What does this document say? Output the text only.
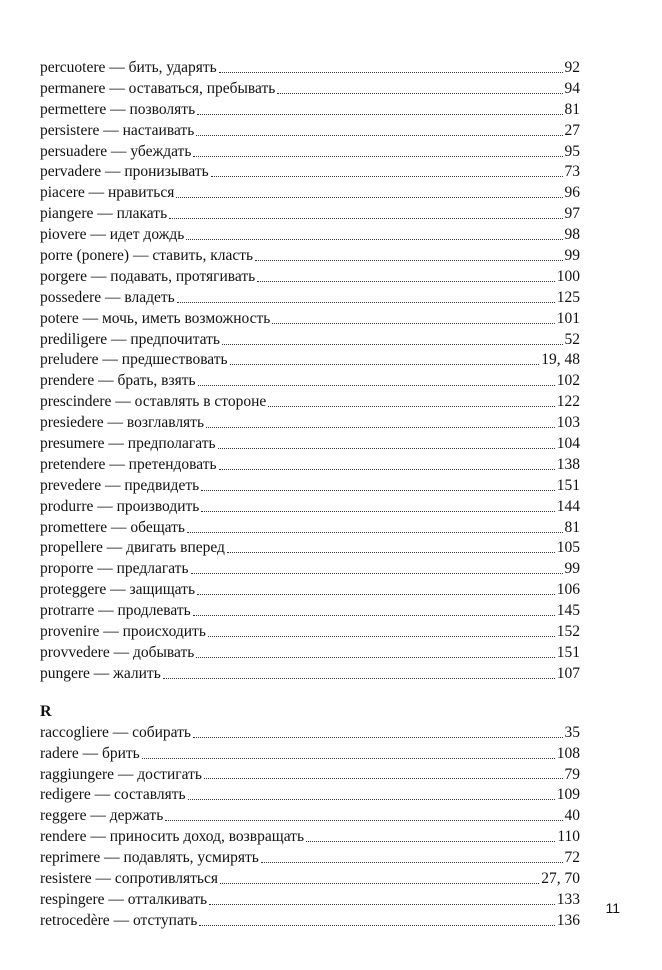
percuotere — бить, ударять	92
permanere — оставаться, пребывать	94
permettere — позволять	81
persistere — настаивать	27
persuadere — убеждать	95
pervadere — пронизывать	73
piacere — нравиться	96
piangere — плакать	97
piovere — идет дождь	98
porre (ponere) — ставить, класть	99
porgere — подавать, протягивать	100
possedere — владеть	125
potere — мочь, иметь возможность	101
prediligere — предпочитать	52
preludere — предшествовать	19, 48
prendere — брать, взять	102
prescindere — оставлять в стороне	122
presiedere — возглавлять	103
presumere — предполагать	104
pretendere — претендовать	138
prevedere — предвидеть	151
produrre — производить	144
promettere — обещать	81
propellere — двигать вперед	105
proporre — предлагать	99
proteggere — защищать	106
protrarre — продлевать	145
provenire — происходить	152
provvedere — добывать	151
pungere — жалить	107
R
raccogliere — собирать	35
radere — брить	108
raggiungere — достигать	79
redigere — составлять	109
reggere — держать	40
rendere — приносить доход, возвращать	110
reprimere — подавлять, усмирять	72
resistere — сопротивляться	27, 70
respingere — отталкивать	133
retrocedère — отступать	136
11
